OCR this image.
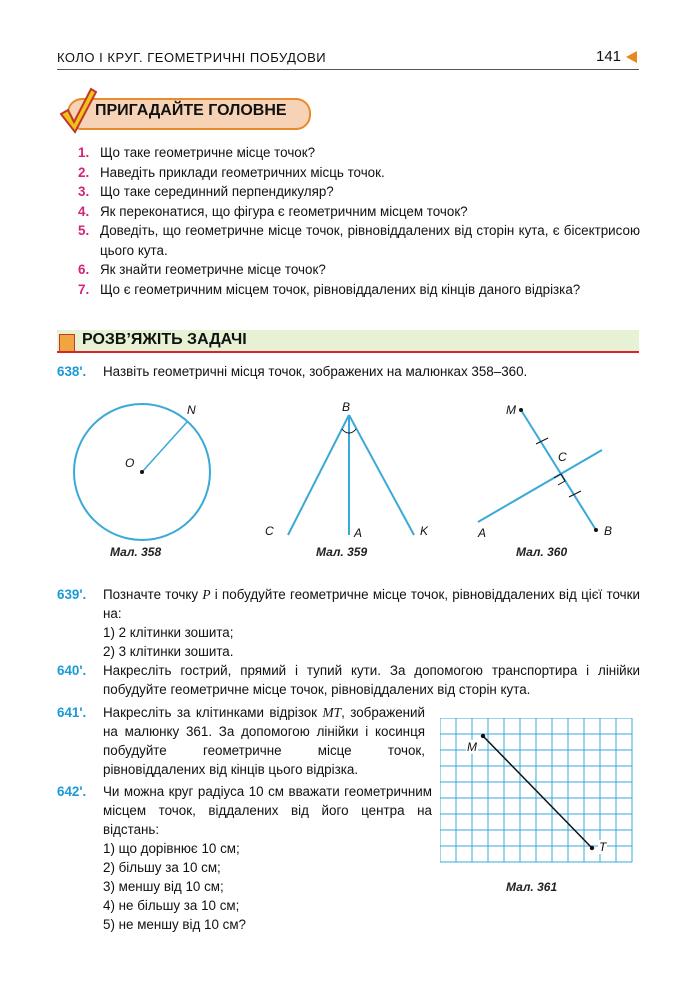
КОЛО І КРУГ. ГЕОМЕТРИЧНІ ПОБУДОВИ	141
ПРИГАДАЙТЕ ГОЛОВНЕ
1. Що таке геометричне місце точок?
2. Наведіть приклади геометричних місць точок.
3. Що таке серединний перпендикуляр?
4. Як переконатися, що фігура є геометричним місцем точок?
5. Доведіть, що геометричне місце точок, рівновіддалених від сторін кута, є бісектрисою цього кута.
6. Як знайти геометричне місце точок?
7. Що є геометричним місцем точок, рівновіддалених від кінців даного відрізка?
РОЗВ’ЯЖІТЬ ЗАДАЧІ
638'. Назвіть геометричні місця точок, зображених на малюнках 358–360.
N
O
Мал. 358
B
C	A	K
Мал. 359
M
C
A	B
Мал. 360
639'. Позначте точку P і побудуйте геометричне місце точок, рівновіддалених від цієї точки на:
1) 2 клітинки зошита;
2) 3 клітинки зошита.
640'. Накресліть гострий, прямий і тупий кути. За допомогою транспортира і лінійки побудуйте геометричне місце точок, рівновіддалених від сторін кута.
641'. Накресліть за клітинками відрізок MT, зображений на малюнку 361. За допомогою лінійки і косинця побудуйте геометричне місце точок, рівновіддалених від кінців цього відрізка.
642'. Чи можна круг радіуса 10 см вважати геометричним місцем точок, віддалених від його центра на відстань:
1) що дорівнює 10 см;
2) більшу за 10 см;
3) меншу від 10 см;
4) не більшу за 10 см;
5) не меншу від 10 см?
M
T
Мал. 361
